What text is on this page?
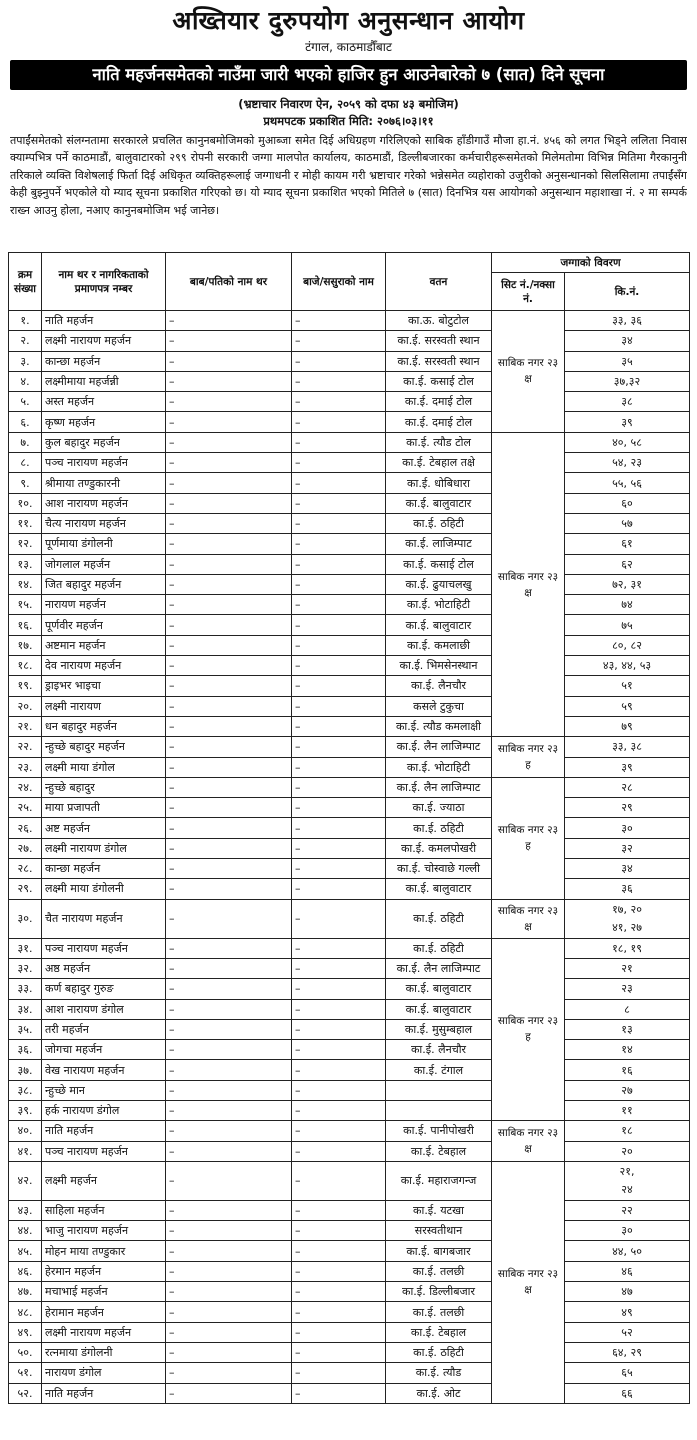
अख्तियार दुरुपयोग अनुसन्धान आयोग
टंगाल, काठमाडौँबाट
नाति महर्जनसमेतको नाउँमा जारी भएको हाजिर हुन आउनेबारेको ७ (सात) दिने सूचना
(भ्रष्टाचार निवारण ऐन, २०५९ को दफा ४३ बमोजिम)
प्रथमपटक प्रकाशित मिति: २०७६।०३।११
तपाईंसमेतको संलग्नतामा सरकारले प्रचलित कानुनबमोजिमको मुआब्जा समेत दिई अधिग्रहण गरिलिएको साबिक हाँडीगाउँ मौजा हा.नं. ४५६ को लगत भिड्ने ललिता निवास क्याम्पभित्र पर्ने काठमाडौं, बालुवाटारको २९९ रोपनी सरकारी जग्गा मालपोत कार्यालय, काठमाडौं, डिल्लीबजारका कर्मचारीहरूसमेतको मिलेमतोमा विभिन्न मितिमा गैरकानुनी तरिकाले व्यक्ति विशेषलाई फिर्ता दिई अधिकृत व्यक्तिहरूलाई जग्गाधनी र मोही कायम गरी भ्रष्टाचार गरेको भन्नेसमेत व्यहोराको उजुरीको अनुसन्धानको सिलसिलामा तपाईंसँग केही बुझ्नुपर्ने भएकोले यो म्याद सूचना प्रकाशित गरिएको छ। यो म्याद सूचना प्रकाशित भएको मितिले ७ (सात) दिनभित्र यस आयोगको अनुसन्धान महाशाखा नं. २ मा सम्पर्क राख्न आउनु होला, नआए कानुनबमोजिम भई जानेछ।
क्रम संख्या	नाम थर र नागरिकताको प्रमाणपत्र नम्बर	बाब/पतिको नाम थर	बाजे/ससुराको नाम	वतन	जग्गाको विवरण	
					सिट नं./नक्सा नं.	कि.नं.
१.	नाति महर्जन	–	–	का.ऊ. बोटुटोल	साबिक नगर २३ क्ष	३३, ३६
२.	लक्ष्मी नारायण महर्जन	–	–	का.ई. सरस्वती स्थान		३४
३.	कान्छा महर्जन	–	–	का.ई. सरस्वती स्थान		३५
४.	लक्ष्मीमाया महर्जन्नी	–	–	का.ई. कसाई टोल		३७,३२
५.	अस्त महर्जन	–	–	का.ई. दमाई टोल		३८
६.	कृष्ण महर्जन	–	–	का.ई. दमाई टोल		३९
७.	कुल बहादुर महर्जन	–	–	का.ई. त्यौड टोल	साबिक नगर २३ क्ष	४०, ५८
८.	पञ्च नारायण महर्जन	–	–	का.ई. टेबहाल तक्षे		५४, २३
९.	श्रीमाया तण्डुकारनी	–	–	का.ई. धोबिधारा		५५, ५६
१०.	आश नारायण महर्जन	–	–	का.ई. बालुवाटार		६०
११.	चैत्य नारायण महर्जन	–	–	का.ई. ठहिटी		५७
१२.	पूर्णमाया डंगोलनी	–	–	का.ई. लाजिम्पाट		६१
१३.	जोगलाल महर्जन	–	–	का.ई. कसाई टोल		६२
१४.	जित बहादुर महर्जन	–	–	का.ई. ढुयाचलखु		७२, ३१
१५.	नारायण महर्जन	–	–	का.ई. भोटाहिटी		७४
१६.	पूर्णवीर महर्जन	–	–	का.ई. बालुवाटार		७५
१७.	अष्टमान महर्जन	–	–	का.ई. कमलाछी		८०, ८२
१८.	देव नारायण महर्जन	–	–	का.ई. भिमसेनस्थान		४३, ४४, ५३
१९.	ड्राइभर भाइचा	–	–	का.ई. लैनचौर		५१
२०.	लक्ष्मी नारायण	–	–	कसले टुकुचा		५९
२१.	धन बहादुर महर्जन	–	–	का.ई. त्यौड कमलाक्षी		७९
२२.	न्हुच्छे बहादुर महर्जन	–	–	का.ई. लैन लाजिम्पाट	साबिक नगर २३ ह	३३, ३८
२३.	लक्ष्मी माया डंगोल	–	–	का.ई. भोटाहिटी		३९
२४.	न्हुच्छे बहादुर	–	–	का.ई. लैन लाजिम्पाट	साबिक नगर २३ ह	२८
२५.	माया प्रजापती	–	–	का.ई. ज्याठा		२९
२६.	अष्ट महर्जन	–	–	का.ई. ठहिटी		३०
२७.	लक्ष्मी नारायण डंगोल	–	–	का.ई. कमलपोखरी		३२
२८.	कान्छा महर्जन	–	–	का.ई. चोस्वाछे गल्ली		३४
२९.	लक्ष्मी माया डंगोलनी	–	–	का.ई. बालुवाटार		३६
३०.	चैत नारायण महर्जन	–	–	का.ई. ठहिटी	साबिक नगर २३ क्ष	१७, २०
४१, २७

३१.	पञ्च नारायण महर्जन	–	–	का.ई. ठहिटी	साबिक नगर २३ ह	१८, १९
३२.	अष्ठ महर्जन	–	–	का.ई. लैन लाजिम्पाट		२१
३३.	कर्ण बहादुर गुरुङ	–	–	का.ई. बालुवाटार		२३
३४.	आश नारायण डंगोल	–	–	का.ई. बालुवाटार		८
३५.	तरी महर्जन	–	–	का.ई. मुसुम्बहाल		१३
३६.	जोगचा महर्जन	–	–	का.ई. लैनचौर		१४
३७.	वेख नारायण महर्जन	–	–	का.ई. टंगाल		१६
३८.	न्हुच्छे मान	–	–			२७
३९.	हर्क नारायण डंगोल	–	–			११
४०.	नाति महर्जन	–	–	का.ई. पानीपोखरी	साबिक नगर २३ क्ष	१८
४१.	पञ्च नारायण महर्जन	–	–	का.ई. टेबहाल		२०
४२.	लक्ष्मी महर्जन	–	–	का.ई. महाराजगन्ज	साबिक नगर २३ क्ष	२१,
२४

४३.	साहिला महर्जन	–	–	का.ई. यटखा		२२
४४.	भाजु नारायण महर्जन	–	–	सरस्वतीथान		३०
४५.	मोहन माया तण्डुकार	–	–	का.ई. बागबजार		४४, ५०
४६.	हेरमान महर्जन	–	–	का.ई. तलछी		४६
४७.	मचाभाई महर्जन	–	–	का.ई. डिल्लीबजार		४७
४८.	हेरामान महर्जन	–	–	का.ई. तलछी		४९
४९.	लक्ष्मी नारायण महर्जन	–	–	का.ई. टेबहाल		५२
५०.	रत्नमाया डंगोलनी	–	–	का.ई. ठहिटी		६४, २९
५१.	नारायण डंगोल	–	–	का.ई. त्यौड		६५
५२.	नाति महर्जन	–	–	का.ई. ओट		६६
